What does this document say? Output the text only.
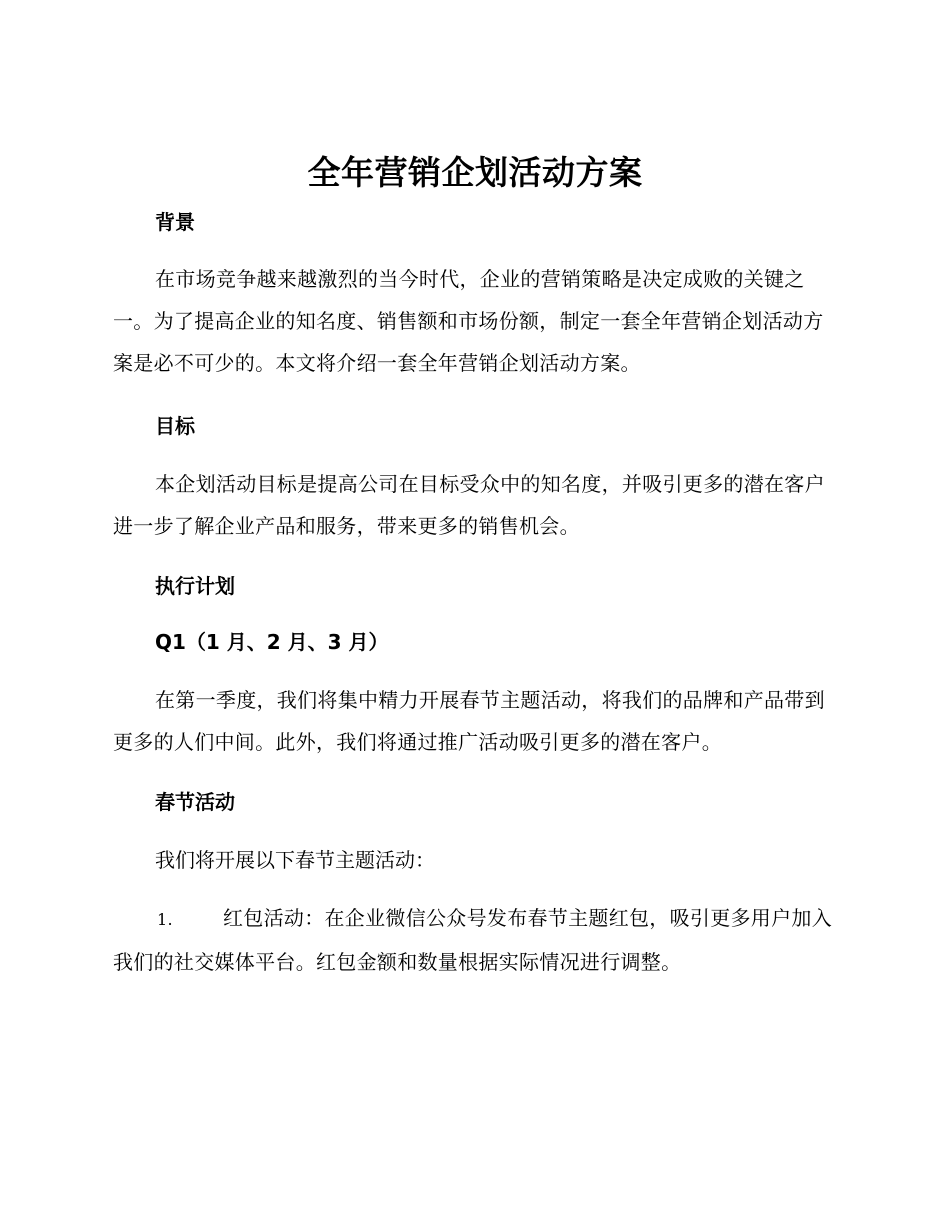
全年营销企划活动方案
背景

在市场竞争越来越激烈的当今时代，企业的营销策略是决定成败的关键之一。为了提高企业的知名度、销售额和市场份额，制定一套全年营销企划活动方案是必不可少的。本文将介绍一套全年营销企划活动方案。

目标

本企划活动目标是提高公司在目标受众中的知名度，并吸引更多的潜在客户进一步了解企业产品和服务，带来更多的销售机会。

执行计划
Q1（1 月、2 月、3 月）

在第一季度，我们将集中精力开展春节主题活动，将我们的品牌和产品带到更多的人们中间。此外，我们将通过推广活动吸引更多的潜在客户。

春节活动
我们将开展以下春节主题活动：

1.	红包活动：在企业微信公众号发布春节主题红包，吸引更多用户加入我们的社交媒体平台。红包金额和数量根据实际情况进行调整。
